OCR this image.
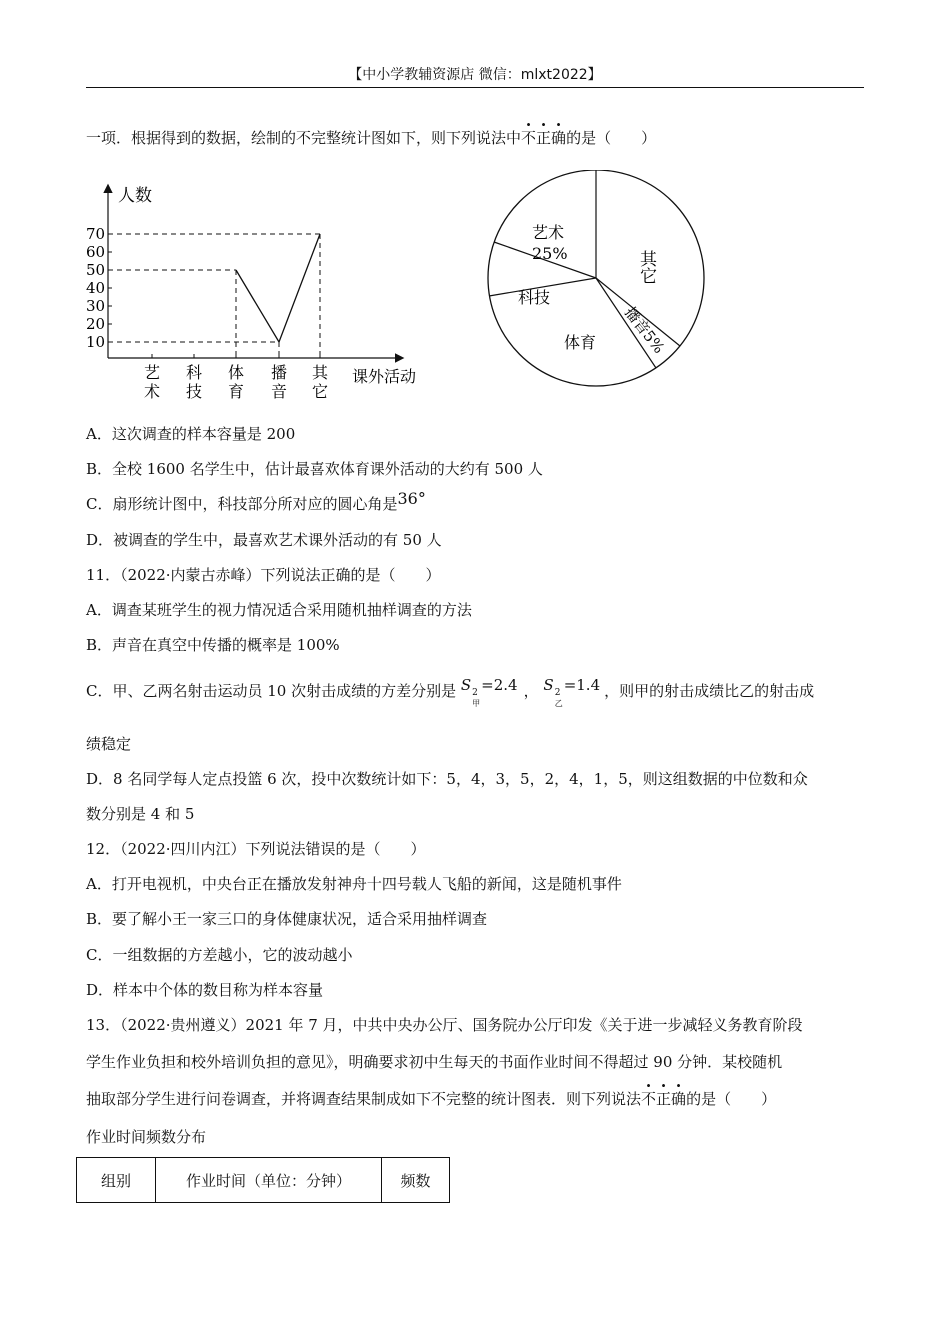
【中小学教辅资源店 微信：mlxt2022】
一项．根据得到的数据，绘制的不完整统计图如下，则下列说法中不正确的是（　　）
人数
课外活动
10
20
30
40
50
60
70
艺
术
科
技
体
育
播
音
其
它
其它
艺术
25%
科技
体育 播音5%
A．这次调查的样本容量是 200
B．全校 1600 名学生中，估计最喜欢体育课外活动的大约有 500 人
C．扇形统计图中，科技部分所对应的圆心角是36°
D．被调查的学生中，最喜欢艺术课外活动的有 50 人
11．（2022·内蒙古赤峰）下列说法正确的是（　　）
A．调查某班学生的视力情况适合采用随机抽样调查的方法
B．声音在真空中传播的概率是 100%
C．甲、乙两名射击运动员 10 次射击成绩的方差分别是 S 2
甲
=2.4 ， S 2
乙
=1.4 ，则甲的射击成绩比乙的射击成
绩稳定
D．8 名同学每人定点投篮 6 次，投中次数统计如下：5，4，3，5，2，4，1，5，则这组数据的中位数和众
数分别是 4 和 5
12．（2022·四川内江）下列说法错误的是（　　）
A．打开电视机，中央台正在播放发射神舟十四号载人飞船的新闻，这是随机事件
B．要了解小王一家三口的身体健康状况，适合采用抽样调查
C．一组数据的方差越小，它的波动越小
D．样本中个体的数目称为样本容量
13．（2022·贵州遵义）2021 年 7 月，中共中央办公厅、国务院办公厅印发《关于进一步减轻义务教育阶段
学生作业负担和校外培训负担的意见》，明确要求初中生每天的书面作业时间不得超过 90 分钟．某校随机
抽取部分学生进行问卷调查，并将调查结果制成如下不完整的统计图表．则下列说法不正确的是（　　）
作业时间频数分布
组别	作业时间（单位：分钟）	频数
